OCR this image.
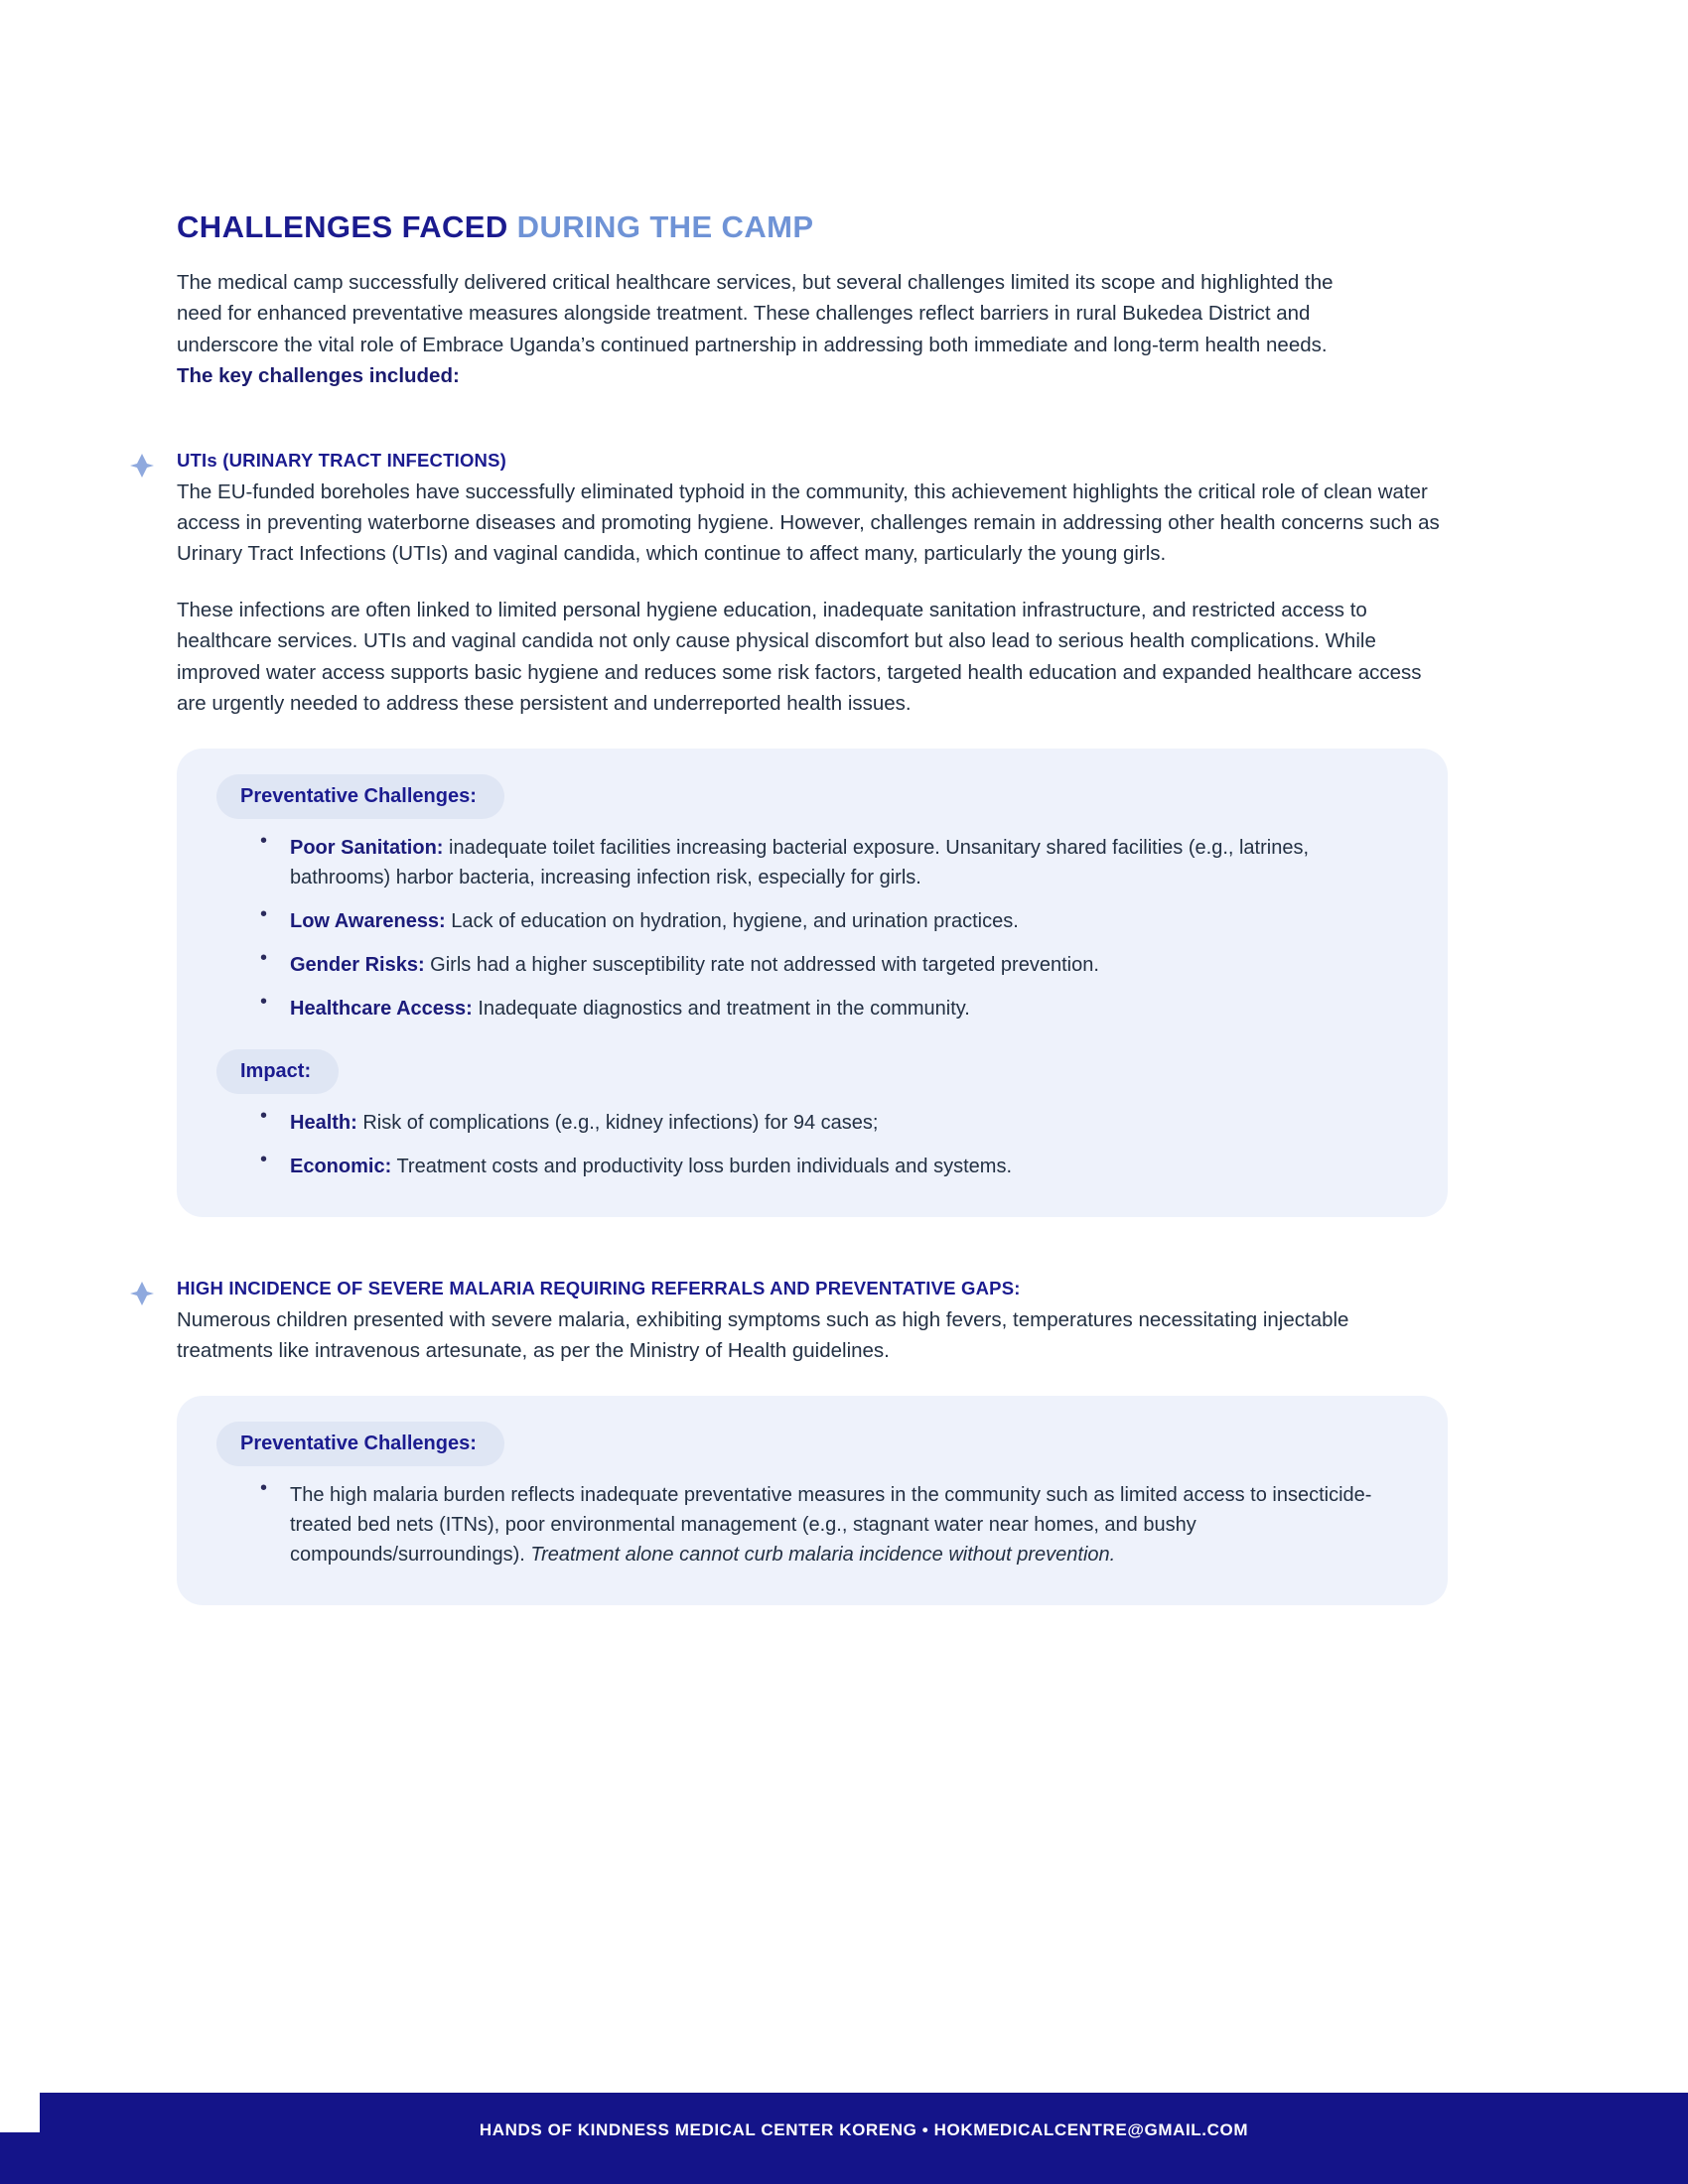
CHALLENGES FACED DURING THE CAMP

The medical camp successfully delivered critical healthcare services, but several challenges limited its scope and highlighted the need for enhanced preventative measures alongside treatment. These challenges reflect barriers in rural Bukedea District and underscore the vital role of Embrace Uganda’s continued partnership in addressing both immediate and long-term health needs. The key challenges included:

UTIs (URINARY TRACT INFECTIONS)

The EU-funded boreholes have successfully eliminated typhoid in the community, this achievement highlights the critical role of clean water access in preventing waterborne diseases and promoting hygiene. However, challenges remain in addressing other health concerns such as Urinary Tract Infections (UTIs) and vaginal candida, which continue to affect many, particularly the young girls.

These infections are often linked to limited personal hygiene education, inadequate sanitation infrastructure, and restricted access to healthcare services. UTIs and vaginal candida not only cause physical discomfort but also lead to serious health complications. While improved water access supports basic hygiene and reduces some risk factors, targeted health education and expanded healthcare access are urgently needed to address these persistent and underreported health issues.

Preventative Challenges:
• Poor Sanitation: inadequate toilet facilities increasing bacterial exposure. Unsanitary shared facilities (e.g., latrines, bathrooms) harbor bacteria, increasing infection risk, especially for girls.
• Low Awareness: Lack of education on hydration, hygiene, and urination practices.
• Gender Risks: Girls had a higher susceptibility rate not addressed with targeted prevention.
• Healthcare Access: Inadequate diagnostics and treatment in the community.
Impact:
• Health: Risk of complications (e.g., kidney infections) for 94 cases;
• Economic: Treatment costs and productivity loss burden individuals and systems.
HIGH INCIDENCE OF SEVERE MALARIA REQUIRING REFERRALS AND PREVENTATIVE GAPS:

Numerous children presented with severe malaria, exhibiting symptoms such as high fevers, temperatures necessitating injectable treatments like intravenous artesunate, as per the Ministry of Health guidelines.

Preventative Challenges:
• The high malaria burden reflects inadequate preventative measures in the community such as limited access to insecticide-treated bed nets (ITNs), poor environmental management (e.g., stagnant water near homes, and bushy compounds/surroundings). Treatment alone cannot curb malaria incidence without prevention.
HANDS OF KINDNESS MEDICAL CENTER KORENG • HOKMEDICALCENTRE@GMAIL.COM
